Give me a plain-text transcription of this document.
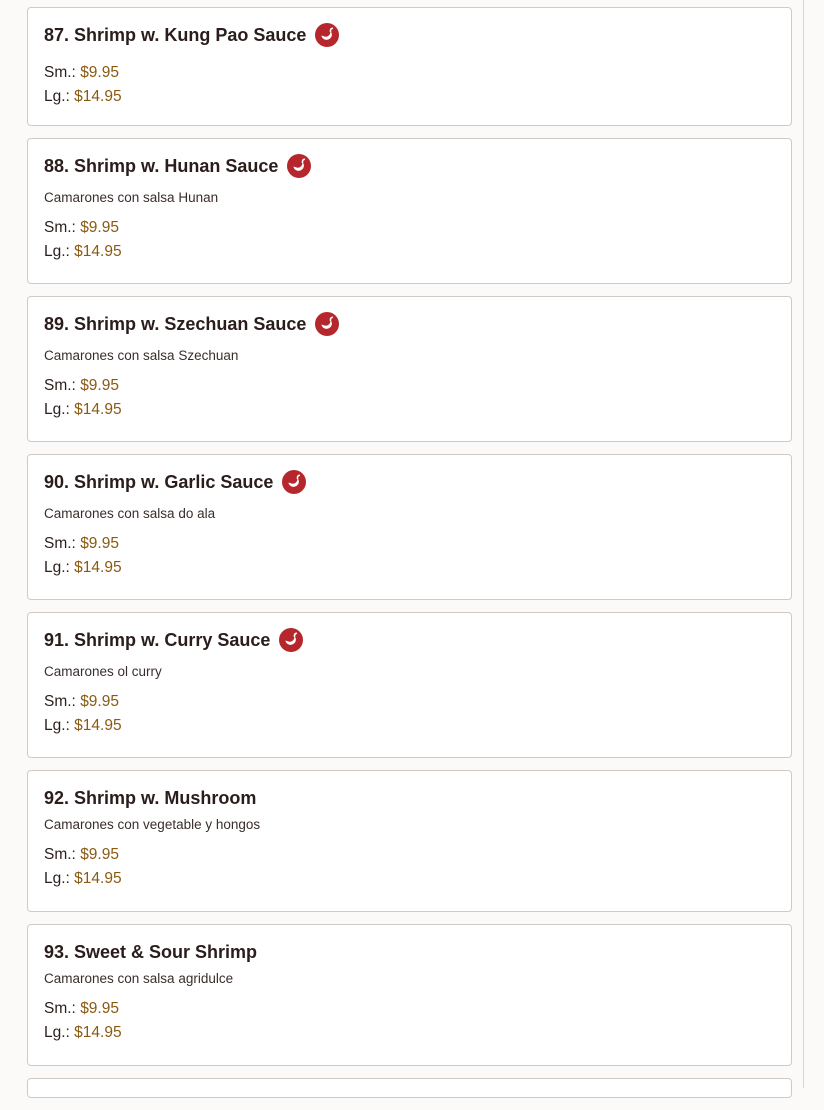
87. Shrimp w. Kung Pao Sauce
Sm.: $9.95
Lg.: $14.95
88. Shrimp w. Hunan Sauce
Camarones con salsa Hunan
Sm.: $9.95
Lg.: $14.95
89. Shrimp w. Szechuan Sauce
Camarones con salsa Szechuan
Sm.: $9.95
Lg.: $14.95
90. Shrimp w. Garlic Sauce
Camarones con salsa do ala
Sm.: $9.95
Lg.: $14.95
91. Shrimp w. Curry Sauce
Camarones ol curry
Sm.: $9.95
Lg.: $14.95
92. Shrimp w. Mushroom
Camarones con vegetable y hongos
Sm.: $9.95
Lg.: $14.95
93. Sweet & Sour Shrimp
Camarones con salsa agridulce
Sm.: $9.95
Lg.: $14.95
